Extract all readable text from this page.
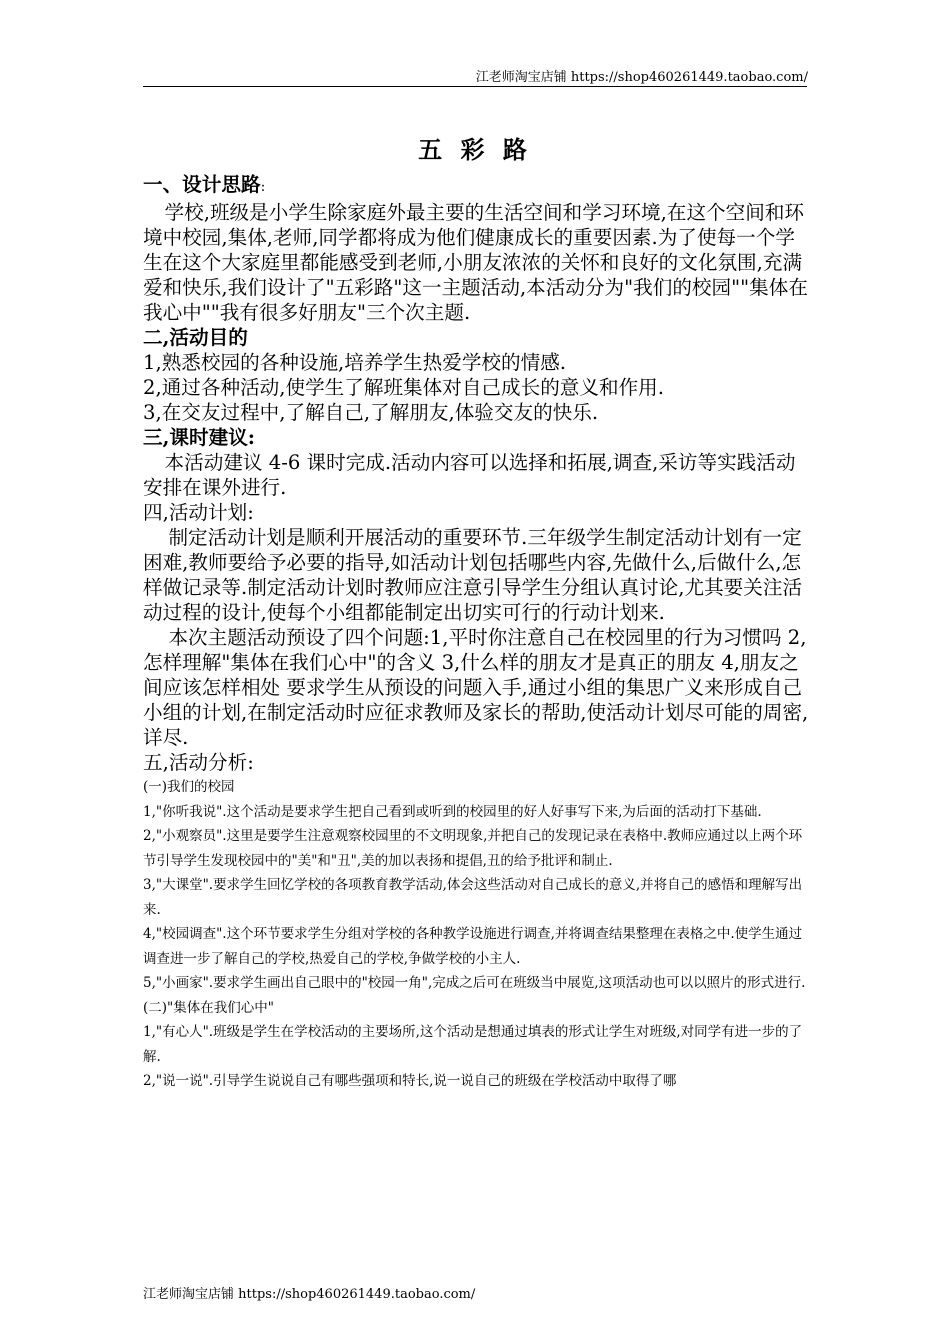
江老师淘宝店铺 https://shop460261449.taobao.com/
五 彩 路

一、设计思路:

学校,班级是小学生除家庭外最主要的生活空间和学习环境,在这个空间和环境中校园,集体,老师,同学都将成为他们健康成长的重要因素.为了使每一个学生在这个大家庭里都能感受到老师,小朋友浓浓的关怀和良好的文化氛围,充满爱和快乐,我们设计了"五彩路"这一主题活动,本活动分为"我们的校园""集体在我心中""我有很多好朋友"三个次主题.

二,活动目的

1,熟悉校园的各种设施,培养学生热爱学校的情感.

2,通过各种活动,使学生了解班集体对自己成长的意义和作用.

3,在交友过程中,了解自己,了解朋友,体验交友的快乐.

三,课时建议:

本活动建议 4-6 课时完成.活动内容可以选择和拓展,调查,采访等实践活动安排在课外进行.

四,活动计划:

制定活动计划是顺利开展活动的重要环节.三年级学生制定活动计划有一定困难,教师要给予必要的指导,如活动计划包括哪些内容,先做什么,后做什么,怎样做记录等.制定活动计划时教师应注意引导学生分组认真讨论,尤其要关注活动过程的设计,使每个小组都能制定出切实可行的行动计划来.

本次主题活动预设了四个问题:1,平时你注意自己在校园里的行为习惯吗 2,怎样理解"集体在我们心中"的含义 3,什么样的朋友才是真正的朋友 4,朋友之间应该怎样相处 要求学生从预设的问题入手,通过小组的集思广义来形成自己小组的计划,在制定活动时应征求教师及家长的帮助,使活动计划尽可能的周密,详尽.

五,活动分析:

(一)我们的校园

1,"你听我说".这个活动是要求学生把自己看到或听到的校园里的好人好事写下来,为后面的活动打下基础.

2,"小观察员".这里是要学生注意观察校园里的不文明现象,并把自己的发现记录在表格中.教师应通过以上两个环节引导学生发现校园中的"美"和"丑",美的加以表扬和提倡,丑的给予批评和制止.

3,"大课堂".要求学生回忆学校的各项教育教学活动,体会这些活动对自己成长的意义,并将自己的感悟和理解写出来.

4,"校园调查".这个环节要求学生分组对学校的各种教学设施进行调查,并将调查结果整理在表格之中.使学生通过调查进一步了解自己的学校,热爱自己的学校,争做学校的小主人.

5,"小画家".要求学生画出自己眼中的"校园一角",完成之后可在班级当中展览,这项活动也可以以照片的形式进行.

(二)"集体在我们心中"

1,"有心人".班级是学生在学校活动的主要场所,这个活动是想通过填表的形式让学生对班级,对同学有进一步的了解.

2,"说一说".引导学生说说自己有哪些强项和特长,说一说自己的班级在学校活动中取得了哪

江老师淘宝店铺 https://shop460261449.taobao.com/
